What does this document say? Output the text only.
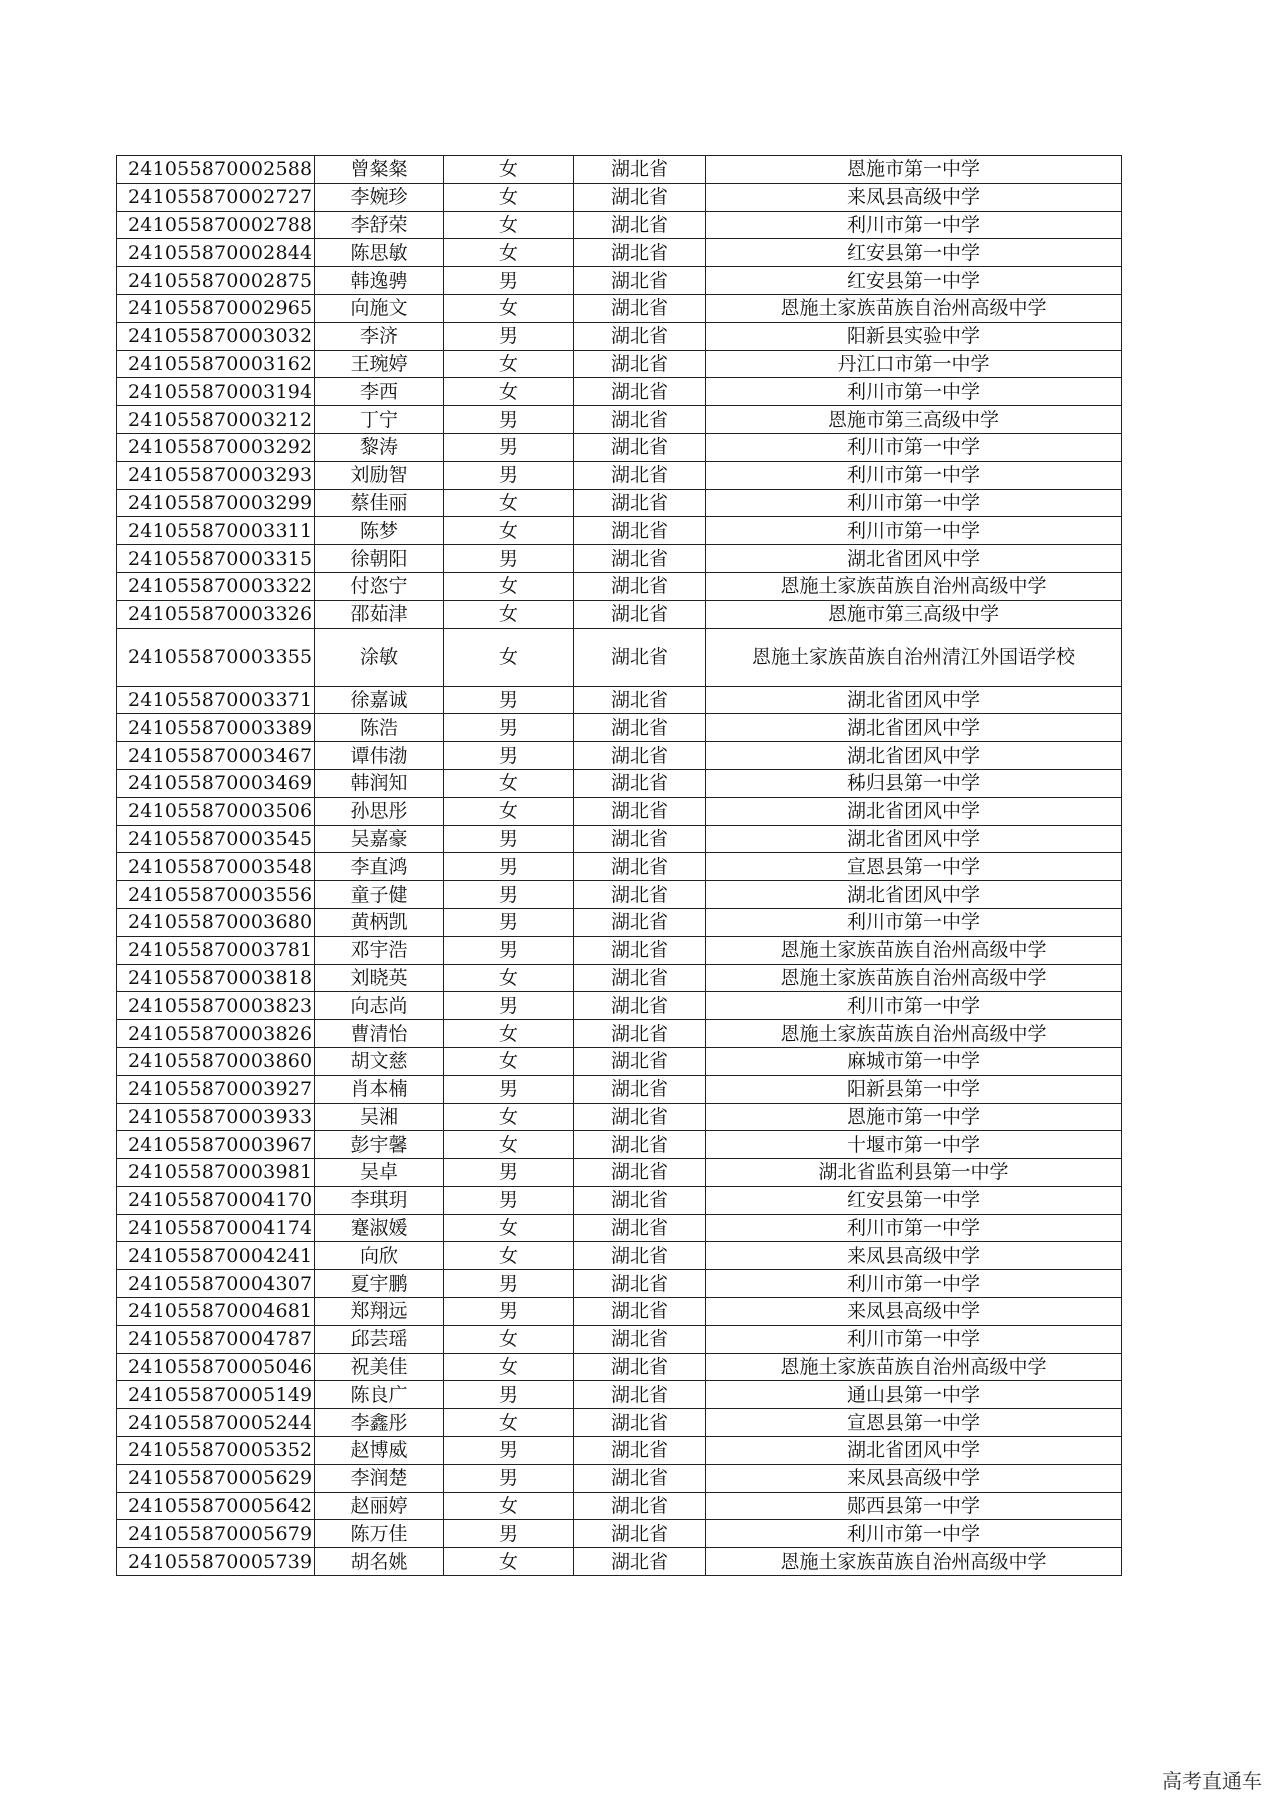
241055870002588	曾粲粲	女	湖北省	恩施市第一中学
241055870002727	李婉珍	女	湖北省	来凤县高级中学
241055870002788	李舒荣	女	湖北省	利川市第一中学
241055870002844	陈思敏	女	湖北省	红安县第一中学
241055870002875	韩逸骋	男	湖北省	红安县第一中学
241055870002965	向施文	女	湖北省	恩施土家族苗族自治州高级中学
241055870003032	李济	男	湖北省	阳新县实验中学
241055870003162	王琬婷	女	湖北省	丹江口市第一中学
241055870003194	李西	女	湖北省	利川市第一中学
241055870003212	丁宁	男	湖北省	恩施市第三高级中学
241055870003292	黎涛	男	湖北省	利川市第一中学
241055870003293	刘励智	男	湖北省	利川市第一中学
241055870003299	蔡佳丽	女	湖北省	利川市第一中学
241055870003311	陈梦	女	湖北省	利川市第一中学
241055870003315	徐朝阳	男	湖北省	湖北省团风中学
241055870003322	付恣宁	女	湖北省	恩施土家族苗族自治州高级中学
241055870003326	邵茹津	女	湖北省	恩施市第三高级中学
241055870003355	涂敏	女	湖北省	恩施土家族苗族自治州清江外国语学校
241055870003371	徐嘉诚	男	湖北省	湖北省团风中学
241055870003389	陈浩	男	湖北省	湖北省团风中学
241055870003467	谭伟渤	男	湖北省	湖北省团风中学
241055870003469	韩润知	女	湖北省	秭归县第一中学
241055870003506	孙思彤	女	湖北省	湖北省团风中学
241055870003545	吴嘉豪	男	湖北省	湖北省团风中学
241055870003548	李直鸿	男	湖北省	宣恩县第一中学
241055870003556	童子健	男	湖北省	湖北省团风中学
241055870003680	黄柄凯	男	湖北省	利川市第一中学
241055870003781	邓宇浩	男	湖北省	恩施土家族苗族自治州高级中学
241055870003818	刘晓英	女	湖北省	恩施土家族苗族自治州高级中学
241055870003823	向志尚	男	湖北省	利川市第一中学
241055870003826	曹清怡	女	湖北省	恩施土家族苗族自治州高级中学
241055870003860	胡文慈	女	湖北省	麻城市第一中学
241055870003927	肖本楠	男	湖北省	阳新县第一中学
241055870003933	吴湘	女	湖北省	恩施市第一中学
241055870003967	彭宇馨	女	湖北省	十堰市第一中学
241055870003981	吴卓	男	湖北省	湖北省监利县第一中学
241055870004170	李琪玥	男	湖北省	红安县第一中学
241055870004174	蹇淑媛	女	湖北省	利川市第一中学
241055870004241	向欣	女	湖北省	来凤县高级中学
241055870004307	夏宇鹏	男	湖北省	利川市第一中学
241055870004681	郑翔远	男	湖北省	来凤县高级中学
241055870004787	邱芸瑶	女	湖北省	利川市第一中学
241055870005046	祝美佳	女	湖北省	恩施土家族苗族自治州高级中学
241055870005149	陈良广	男	湖北省	通山县第一中学
241055870005244	李鑫彤	女	湖北省	宣恩县第一中学
241055870005352	赵博威	男	湖北省	湖北省团风中学
241055870005629	李润楚	男	湖北省	来凤县高级中学
241055870005642	赵丽婷	女	湖北省	郧西县第一中学
241055870005679	陈万佳	男	湖北省	利川市第一中学
241055870005739	胡名姚	女	湖北省	恩施土家族苗族自治州高级中学
高考直通车
